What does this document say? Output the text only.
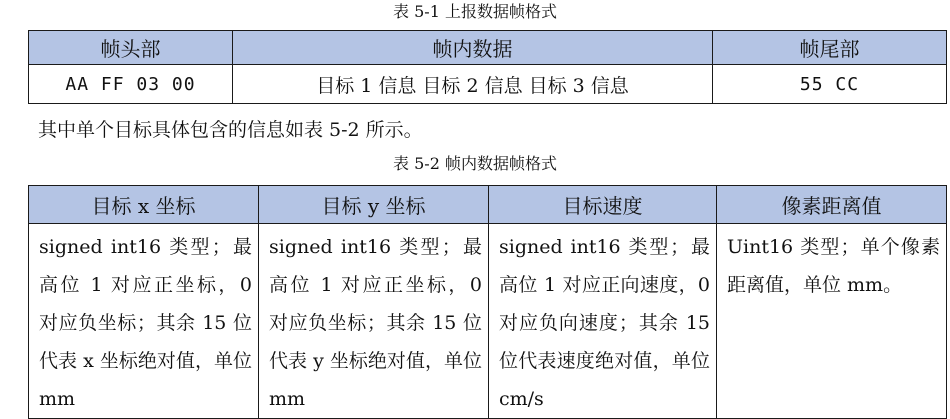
表 5-1 上报数据帧格式
帧头部	帧内数据	帧尾部
AA FF 03 00	目标 1 信息 目标 2 信息 目标 3 信息	55 CC
其中单个目标具体包含的信息如表 5-2 所示。
表 5-2 帧内数据帧格式
目标 x 坐标	目标 y 坐标	目标速度	像素距离值
signed int16 类型；最高位 1 对应正坐标，0 对应负坐标；其余 15 位代表 x 坐标绝对值，单位 mm	signed int16 类型；最高位 1 对应正坐标，0 对应负坐标；其余 15 位代表 y 坐标绝对值，单位 mm	signed int16 类型；最高位 1 对应正向速度，0 对应负向速度；其余 15 位代表速度绝对值，单位 cm/s	Uint16 类型；单个像素距离值，单位 mm。
